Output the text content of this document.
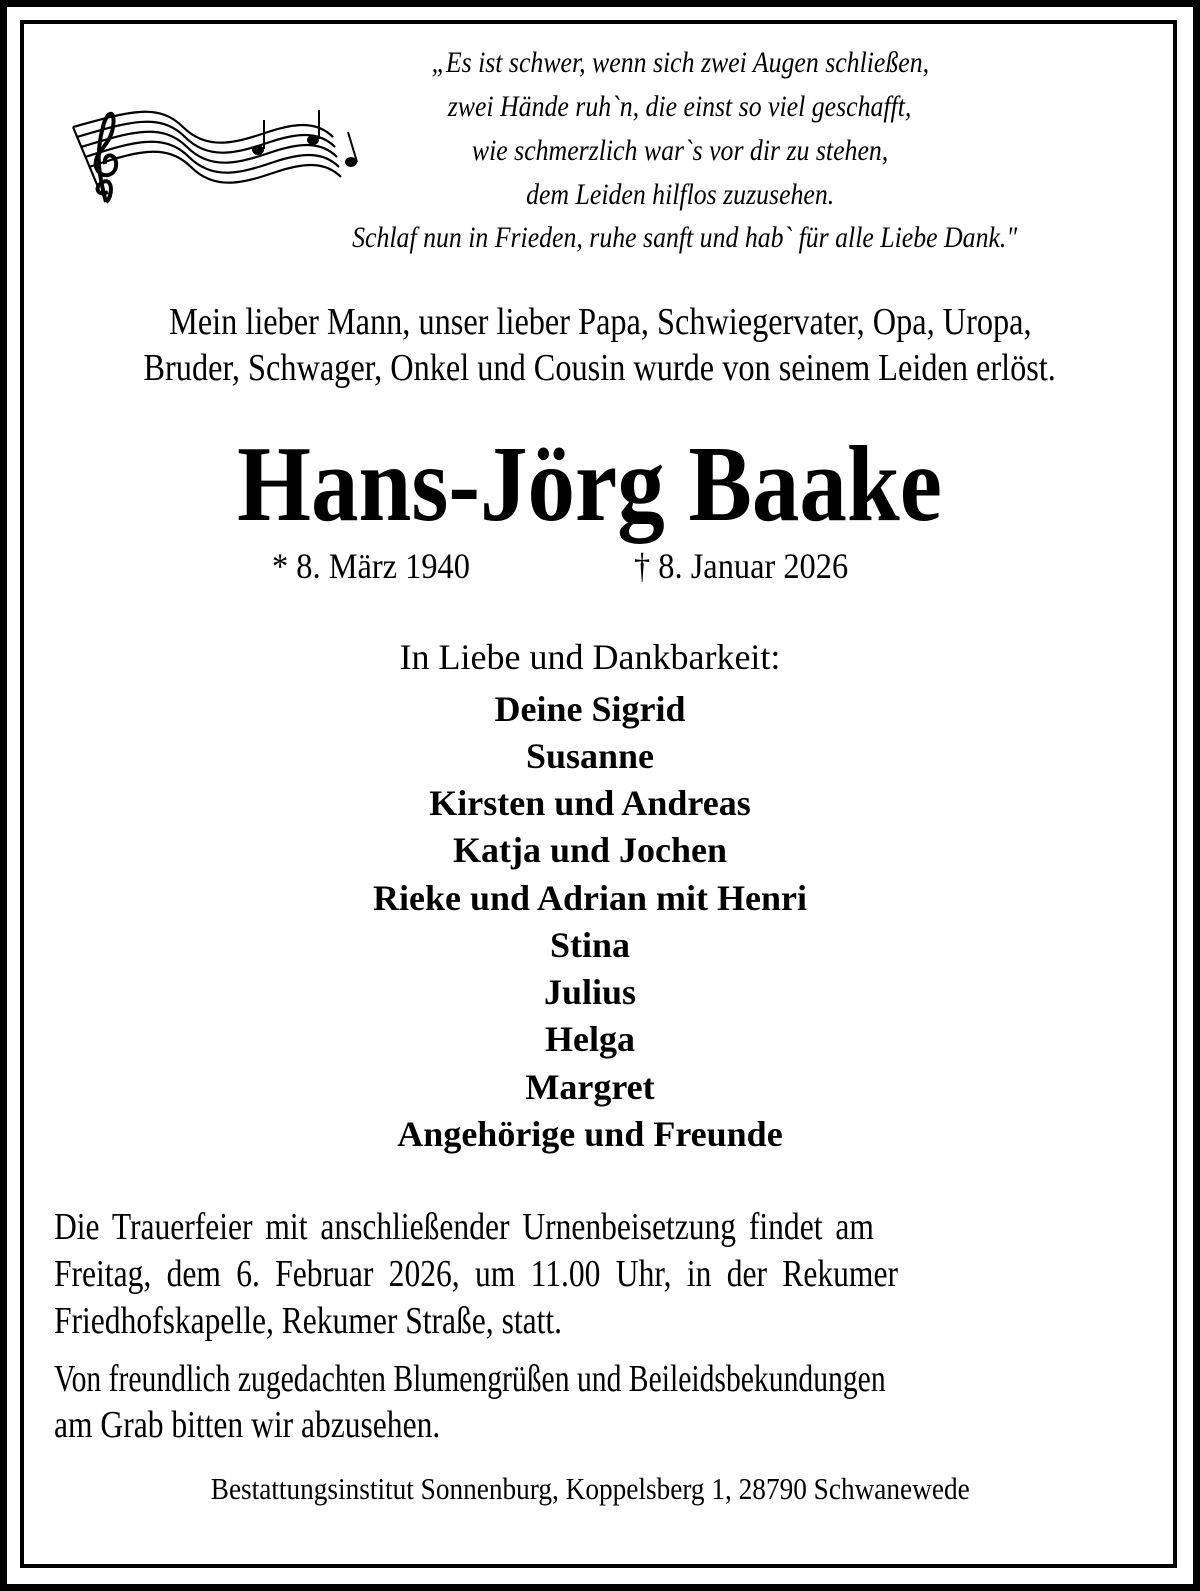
„Es ist schwer, wenn sich zwei Augen schließen,
zwei Hände ruh`n, die einst so viel geschafft,
wie schmerzlich war`s vor dir zu stehen,
dem Leiden hilflos zuzusehen.
Schlaf nun in Frieden, ruhe sanft und hab` für alle Liebe Dank."
Mein lieber Mann, unser lieber Papa, Schwiegervater, Opa, Uropa,
Bruder, Schwager, Onkel und Cousin wurde von seinem Leiden erlöst.
Hans-Jörg Baake
* 8. März 1940	† 8. Januar 2026
In Liebe und Dankbarkeit:
Deine Sigrid
Susanne
Kirsten und Andreas
Katja und Jochen
Rieke und Adrian mit Henri
Stina
Julius
Helga
Margret
Angehörige und Freunde
Die Trauerfeier mit anschließender Urnenbeisetzung findet am
Freitag, dem 6. Februar 2026, um 11.00 Uhr, in der Rekumer
Friedhofskapelle, Rekumer Straße, statt.
Von freundlich zugedachten Blumengrüßen und Beileidsbekundungen
am Grab bitten wir abzusehen.
Bestattungsinstitut Sonnenburg, Koppelsberg 1, 28790 Schwanewede
